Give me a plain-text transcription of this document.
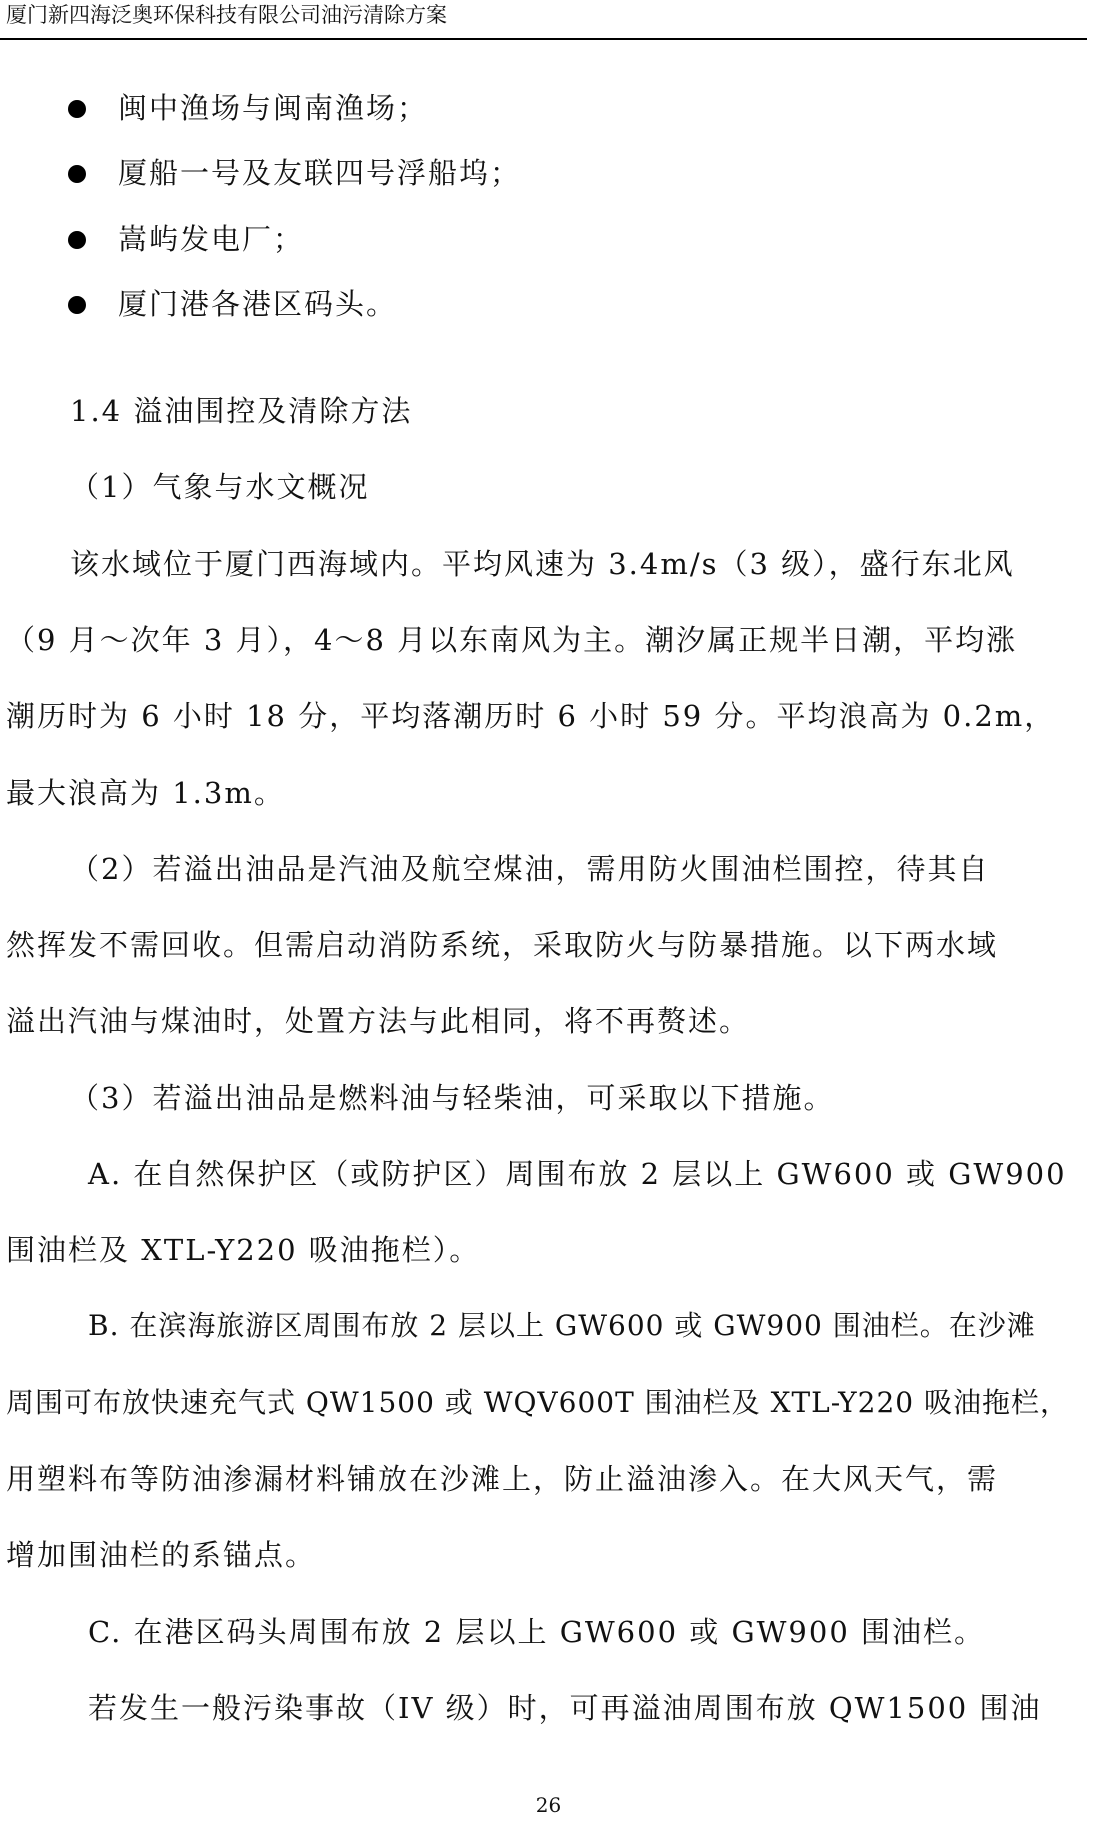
厦门新四海泛奥环保科技有限公司油污清除方案
闽中渔场与闽南渔场；
厦船一号及友联四号浮船坞；
嵩屿发电厂；
厦门港各港区码头。
1.4 溢油围控及清除方法
（1）气象与水文概况
该水域位于厦门西海域内。平均风速为 3.4m/s（3 级），盛行东北风
（9 月～次年 3 月），4～8 月以东南风为主。潮汐属正规半日潮，平均涨
潮历时为 6 小时 18 分，平均落潮历时 6 小时 59 分。平均浪高为 0.2m，
最大浪高为 1.3m。
（2）若溢出油品是汽油及航空煤油，需用防火围油栏围控，待其自
然挥发不需回收。但需启动消防系统，采取防火与防暴措施。以下两水域
溢出汽油与煤油时，处置方法与此相同，将不再赘述。
（3）若溢出油品是燃料油与轻柴油，可采取以下措施。
A. 在自然保护区（或防护区）周围布放 2 层以上 GW600 或 GW900
围油栏及 XTL-Y220 吸油拖栏）。
B. 在滨海旅游区周围布放 2 层以上 GW600 或 GW900 围油栏。在沙滩
周围可布放快速充气式 QW1500 或 WQV600T 围油栏及 XTL-Y220 吸油拖栏，
用塑料布等防油渗漏材料铺放在沙滩上，防止溢油渗入。在大风天气，需
增加围油栏的系锚点。
C. 在港区码头周围布放 2 层以上 GW600 或 GW900 围油栏。
若发生一般污染事故（IV 级）时，可再溢油周围布放 QW1500 围油
26
